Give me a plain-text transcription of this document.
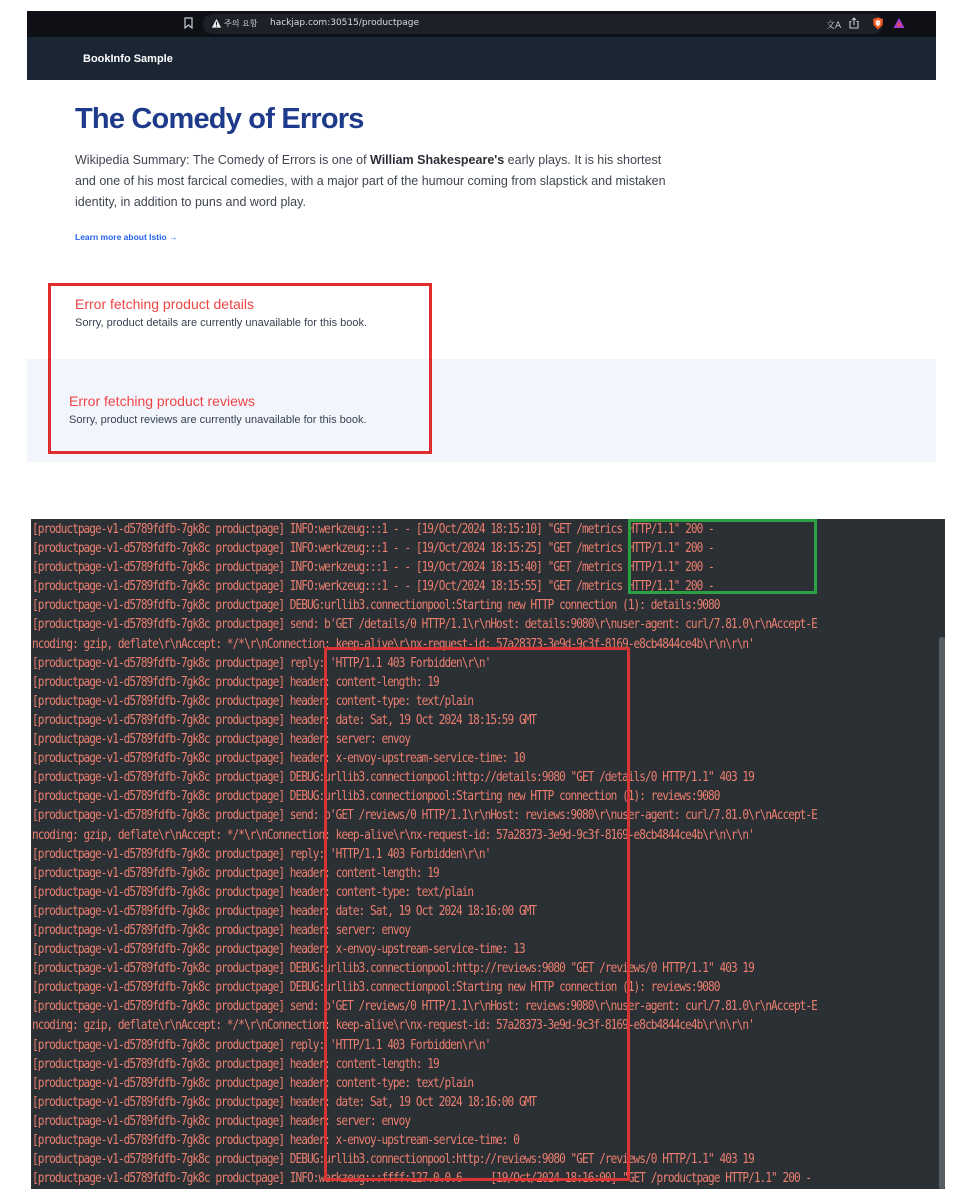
주의 요함 hackjap.com:30515/productpage	文A
BookInfo Sample
The Comedy of Errors

Wikipedia Summary: The Comedy of Errors is one of William Shakespeare's early plays. It is his shortest and one of his most farcical comedies, with a major part of the humour coming from slapstick and mistaken identity, in addition to puns and word play.

Learn more about Istio →
Error fetching product details
Sorry, product details are currently unavailable for this book.
Error fetching product reviews
Sorry, product reviews are currently unavailable for this book.
[productpage-v1-d5789fdfb-7gk8c productpage] INFO:werkzeug:::1 - - [19/Oct/2024 18:15:10] "GET /metrics HTTP/1.1" 200 -
[productpage-v1-d5789fdfb-7gk8c productpage] INFO:werkzeug:::1 - - [19/Oct/2024 18:15:25] "GET /metrics HTTP/1.1" 200 -
[productpage-v1-d5789fdfb-7gk8c productpage] INFO:werkzeug:::1 - - [19/Oct/2024 18:15:40] "GET /metrics HTTP/1.1" 200 -
[productpage-v1-d5789fdfb-7gk8c productpage] INFO:werkzeug:::1 - - [19/Oct/2024 18:15:55] "GET /metrics HTTP/1.1" 200 -
[productpage-v1-d5789fdfb-7gk8c productpage] DEBUG:urllib3.connectionpool:Starting new HTTP connection (1): details:9080
[productpage-v1-d5789fdfb-7gk8c productpage] send: b'GET /details/0 HTTP/1.1\r\nHost: details:9080\r\nuser-agent: curl/7.81.0\r\nAccept-E
ncoding: gzip, deflate\r\nAccept: */*\r\nConnection: keep-alive\r\nx-request-id: 57a28373-3e9d-9c3f-8169-e8cb4844ce4b\r\n\r\n'
[productpage-v1-d5789fdfb-7gk8c productpage] reply: 'HTTP/1.1 403 Forbidden\r\n'
[productpage-v1-d5789fdfb-7gk8c productpage] header: content-length: 19
[productpage-v1-d5789fdfb-7gk8c productpage] header: content-type: text/plain
[productpage-v1-d5789fdfb-7gk8c productpage] header: date: Sat, 19 Oct 2024 18:15:59 GMT
[productpage-v1-d5789fdfb-7gk8c productpage] header: server: envoy
[productpage-v1-d5789fdfb-7gk8c productpage] header: x-envoy-upstream-service-time: 10
[productpage-v1-d5789fdfb-7gk8c productpage] DEBUG:urllib3.connectionpool:http://details:9080 "GET /details/0 HTTP/1.1" 403 19
[productpage-v1-d5789fdfb-7gk8c productpage] DEBUG:urllib3.connectionpool:Starting new HTTP connection (1): reviews:9080
[productpage-v1-d5789fdfb-7gk8c productpage] send: b'GET /reviews/0 HTTP/1.1\r\nHost: reviews:9080\r\nuser-agent: curl/7.81.0\r\nAccept-E
ncoding: gzip, deflate\r\nAccept: */*\r\nConnection: keep-alive\r\nx-request-id: 57a28373-3e9d-9c3f-8169-e8cb4844ce4b\r\n\r\n'
[productpage-v1-d5789fdfb-7gk8c productpage] reply: 'HTTP/1.1 403 Forbidden\r\n'
[productpage-v1-d5789fdfb-7gk8c productpage] header: content-length: 19
[productpage-v1-d5789fdfb-7gk8c productpage] header: content-type: text/plain
[productpage-v1-d5789fdfb-7gk8c productpage] header: date: Sat, 19 Oct 2024 18:16:00 GMT
[productpage-v1-d5789fdfb-7gk8c productpage] header: server: envoy
[productpage-v1-d5789fdfb-7gk8c productpage] header: x-envoy-upstream-service-time: 13
[productpage-v1-d5789fdfb-7gk8c productpage] DEBUG:urllib3.connectionpool:http://reviews:9080 "GET /reviews/0 HTTP/1.1" 403 19
[productpage-v1-d5789fdfb-7gk8c productpage] DEBUG:urllib3.connectionpool:Starting new HTTP connection (1): reviews:9080
[productpage-v1-d5789fdfb-7gk8c productpage] send: b'GET /reviews/0 HTTP/1.1\r\nHost: reviews:9080\r\nuser-agent: curl/7.81.0\r\nAccept-E
ncoding: gzip, deflate\r\nAccept: */*\r\nConnection: keep-alive\r\nx-request-id: 57a28373-3e9d-9c3f-8169-e8cb4844ce4b\r\n\r\n'
[productpage-v1-d5789fdfb-7gk8c productpage] reply: 'HTTP/1.1 403 Forbidden\r\n'
[productpage-v1-d5789fdfb-7gk8c productpage] header: content-length: 19
[productpage-v1-d5789fdfb-7gk8c productpage] header: content-type: text/plain
[productpage-v1-d5789fdfb-7gk8c productpage] header: date: Sat, 19 Oct 2024 18:16:00 GMT
[productpage-v1-d5789fdfb-7gk8c productpage] header: server: envoy
[productpage-v1-d5789fdfb-7gk8c productpage] header: x-envoy-upstream-service-time: 0
[productpage-v1-d5789fdfb-7gk8c productpage] DEBUG:urllib3.connectionpool:http://reviews:9080 "GET /reviews/0 HTTP/1.1" 403 19
[productpage-v1-d5789fdfb-7gk8c productpage] INFO:werkzeug:::ffff:127.0.0.6 - - [19/Oct/2024 18:16:00] "GET /productpage HTTP/1.1" 200 -
